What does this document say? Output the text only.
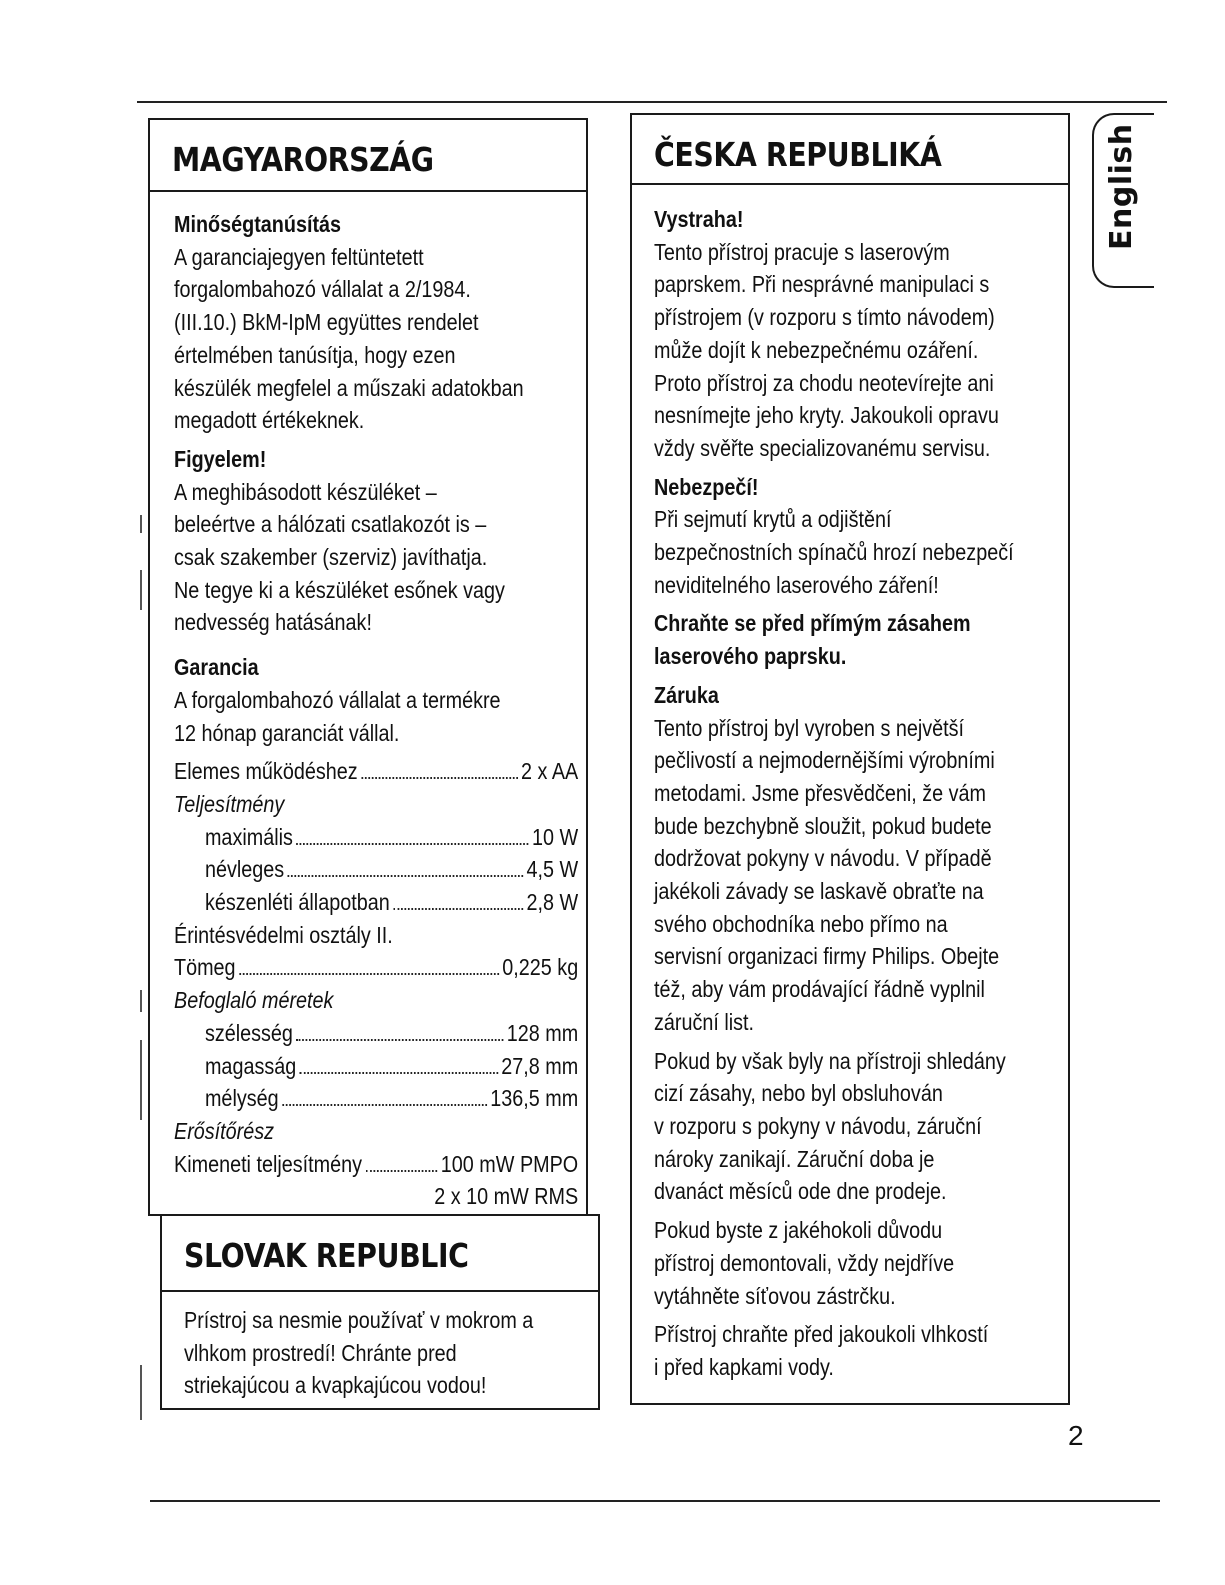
English
MAGYARORSZÁG
Minőségtanúsítás
A garanciajegyen feltüntetett
forgalombahozó vállalat a 2/1984.
(III.10.) BkM-IpM együttes rendelet
értelmében tanúsítja, hogy ezen
készülék megfelel a műszaki adatokban
megadott értékeknek.
Figyelem!
A meghibásodott készüléket –
beleértve a hálózati csatlakozót is –
csak szakember (szerviz) javíthatja.
Ne tegye ki a készüléket esőnek vagy
nedvesség hatásának!
Garancia
A forgalombahozó vállalat a termékre
12 hónap garanciát vállal.
Elemes működéshez	2 x AA
Teljesítmény
maximális	10 W
névleges	4,5 W
készenléti állapotban	2,8 W
Érintésvédelmi osztály II.
Tömeg	0,225 kg
Befoglaló méretek
szélesség	128 mm
magasság	27,8 mm
mélység	136,5 mm
Erősítőrész
Kimeneti teljesítmény	100 mW PMPO
2 x 10 mW RMS
SLOVAK REPUBLIC
Prístroj sa nesmie používať v mokrom a
vlhkom prostredí! Chránte pred
striekajúcou a kvapkajúcou vodou!
ČESKA REPUBLIKÁ
Vystraha!
Tento přístroj pracuje s laserovým
paprskem. Při nesprávné manipulaci s
přístrojem (v rozporu s tímto návodem)
může dojít k nebezpečnému ozáření.
Proto přístroj za chodu neotevírejte ani
nesnímejte jeho kryty. Jakoukoli opravu
vždy svěřte specializovanému servisu.
Nebezpečí!
Při sejmutí krytů a odjištění
bezpečnostních spínačů hrozí nebezpečí
neviditelného laserového záření!
Chraňte se před přímým zásahem
laserového paprsku.
Záruka
Tento přístroj byl vyroben s největší
pečlivostí a nejmodernějšími výrobními
metodami. Jsme přesvědčeni, že vám
bude bezchybně sloužit, pokud budete
dodržovat pokyny v návodu. V případě
jakékoli závady se laskavě obraťte na
svého obchodníka nebo přímo na
servisní organizaci firmy Philips. Obejte
též, aby vám prodávající řádně vyplnil
záruční list.
Pokud by však byly na přístroji shledány
cizí zásahy, nebo byl obsluhován
v rozporu s pokyny v návodu, záruční
nároky zanikají. Záruční doba je
dvanáct měsíců ode dne prodeje.
Pokud byste z jakéhokoli důvodu
přístroj demontovali, vždy nejdříve
vytáhněte síťovou zástrčku.
Přístroj chraňte před jakoukoli vlhkostí
i před kapkami vody.
2
